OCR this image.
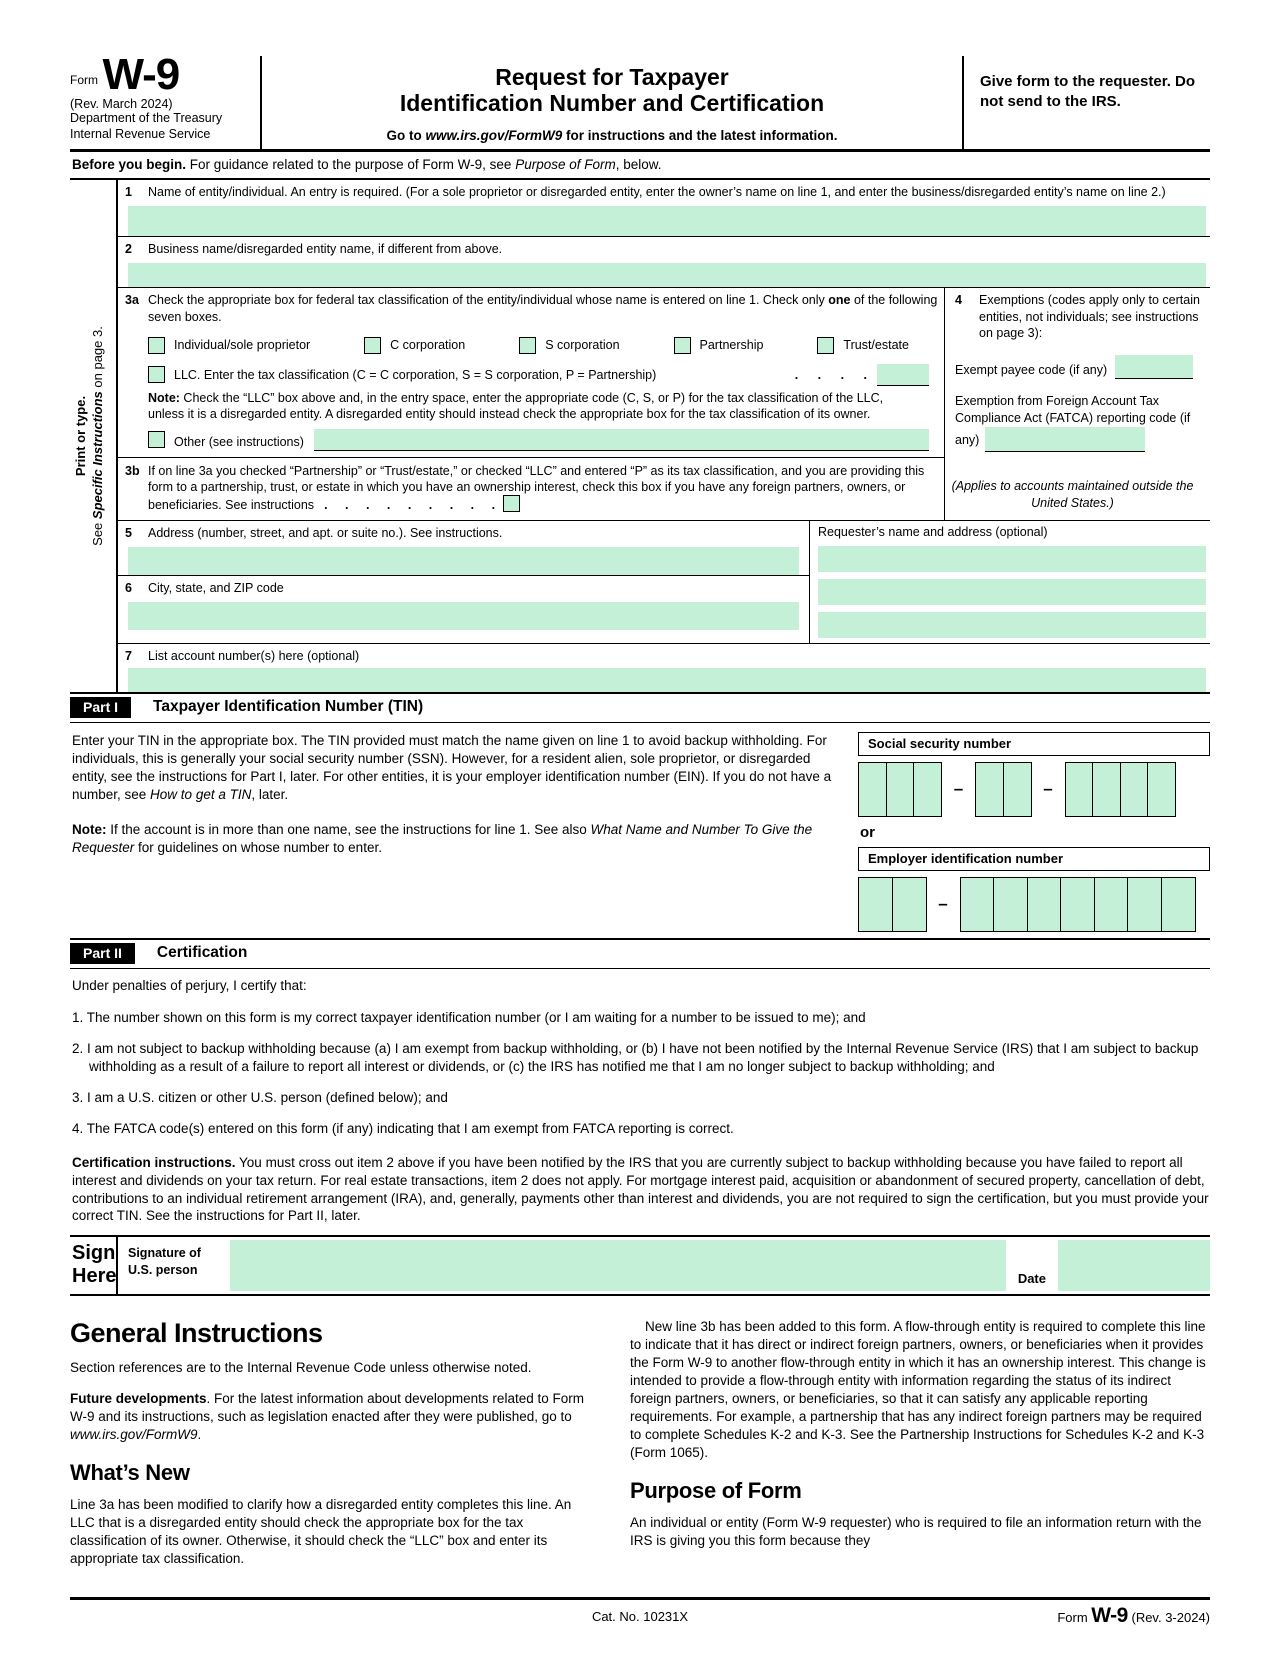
Form W-9
(Rev. March 2024)
Department of the Treasury
Internal Revenue Service
Request for Taxpayer
Identification Number and Certification
Go to www.irs.gov/FormW9 for instructions and the latest information.
Give form to the requester. Do not send to the IRS.
Before you begin. For guidance related to the purpose of Form W-9, see Purpose of Form, below.
Print or type.
See Specific Instructions on page 3.
1	Name of entity/individual. An entry is required. (For a sole proprietor or disregarded entity, enter the owner’s name on line 1, and enter the business/disregarded entity’s name on line 2.)
2	Business name/disregarded entity name, if different from above.
3a Check the appropriate box for federal tax classification of the entity/individual whose name is entered on line 1. Check only one of the following seven boxes.
Individual/sole proprietor	C corporation	S corporation	Partnership	Trust/estate
LLC. Enter the tax classification (C = C corporation, S = S corporation, P = Partnership)	. . . .
Note: Check the “LLC” box above and, in the entry space, enter the appropriate code (C, S, or P) for the tax classification of the LLC, unless it is a disregarded entity. A disregarded entity should instead check the appropriate box for the tax classification of its owner.
Other (see instructions)
3b If on line 3a you checked “Partnership” or “Trust/estate,” or checked “LLC” and entered “P” as its tax classification, and you are providing this form to a partnership, trust, or estate in which you have an ownership interest, check this box if you have any foreign partners, owners, or beneficiaries. See instructions . . . . . . . . .
4	Exemptions (codes apply only to certain entities, not individuals; see instructions on page 3):
Exempt payee code (if any)
Exemption from Foreign Account Tax Compliance Act (FATCA) reporting code (if any)
(Applies to accounts maintained outside the United States.)
5	Address (number, street, and apt. or suite no.). See instructions.
6	City, state, and ZIP code
Requester’s name and address (optional)
7	List account number(s) here (optional)
Part I	Taxpayer Identification Number (TIN)

Enter your TIN in the appropriate box. The TIN provided must match the name given on line 1 to avoid backup withholding. For individuals, this is generally your social security number (SSN). However, for a resident alien, sole proprietor, or disregarded entity, see the instructions for Part I, later. For other entities, it is your employer identification number (EIN). If you do not have a number, see How to get a TIN, later.

Note: If the account is in more than one name, see the instructions for line 1. See also What Name and Number To Give the Requester for guidelines on whose number to enter.

Social security number
–	–
or
Employer identification number
–
Part II	Certification
Under penalties of perjury, I certify that:
1. The number shown on this form is my correct taxpayer identification number (or I am waiting for a number to be issued to me); and
2. I am not subject to backup withholding because (a) I am exempt from backup withholding, or (b) I have not been notified by the Internal Revenue Service (IRS) that I am subject to backup withholding as a result of a failure to report all interest or dividends, or (c) the IRS has notified me that I am no longer subject to backup withholding; and
3. I am a U.S. citizen or other U.S. person (defined below); and
4. The FATCA code(s) entered on this form (if any) indicating that I am exempt from FATCA reporting is correct.
Certification instructions. You must cross out item 2 above if you have been notified by the IRS that you are currently subject to backup withholding because you have failed to report all interest and dividends on your tax return. For real estate transactions, item 2 does not apply. For mortgage interest paid, acquisition or abandonment of secured property, cancellation of debt, contributions to an individual retirement arrangement (IRA), and, generally, payments other than interest and dividends, you are not required to sign the certification, but you must provide your correct TIN. See the instructions for Part II, later.
Sign
Here
Signature of
U.S. person
Date
General Instructions

Section references are to the Internal Revenue Code unless otherwise noted.

Future developments. For the latest information about developments related to Form W-9 and its instructions, such as legislation enacted after they were published, go to www.irs.gov/FormW9.

What’s New

Line 3a has been modified to clarify how a disregarded entity completes this line. An LLC that is a disregarded entity should check the appropriate box for the tax classification of its owner. Otherwise, it should check the “LLC” box and enter its appropriate tax classification.

New line 3b has been added to this form. A flow-through entity is required to complete this line to indicate that it has direct or indirect foreign partners, owners, or beneficiaries when it provides the Form W-9 to another flow-through entity in which it has an ownership interest. This change is intended to provide a flow-through entity with information regarding the status of its indirect foreign partners, owners, or beneficiaries, so that it can satisfy any applicable reporting requirements. For example, a partnership that has any indirect foreign partners may be required to complete Schedules K-2 and K-3. See the Partnership Instructions for Schedules K-2 and K-3 (Form 1065).

Purpose of Form

An individual or entity (Form W-9 requester) who is required to file an information return with the IRS is giving you this form because they

Cat. No. 10231X	Form W-9 (Rev. 3-2024)
